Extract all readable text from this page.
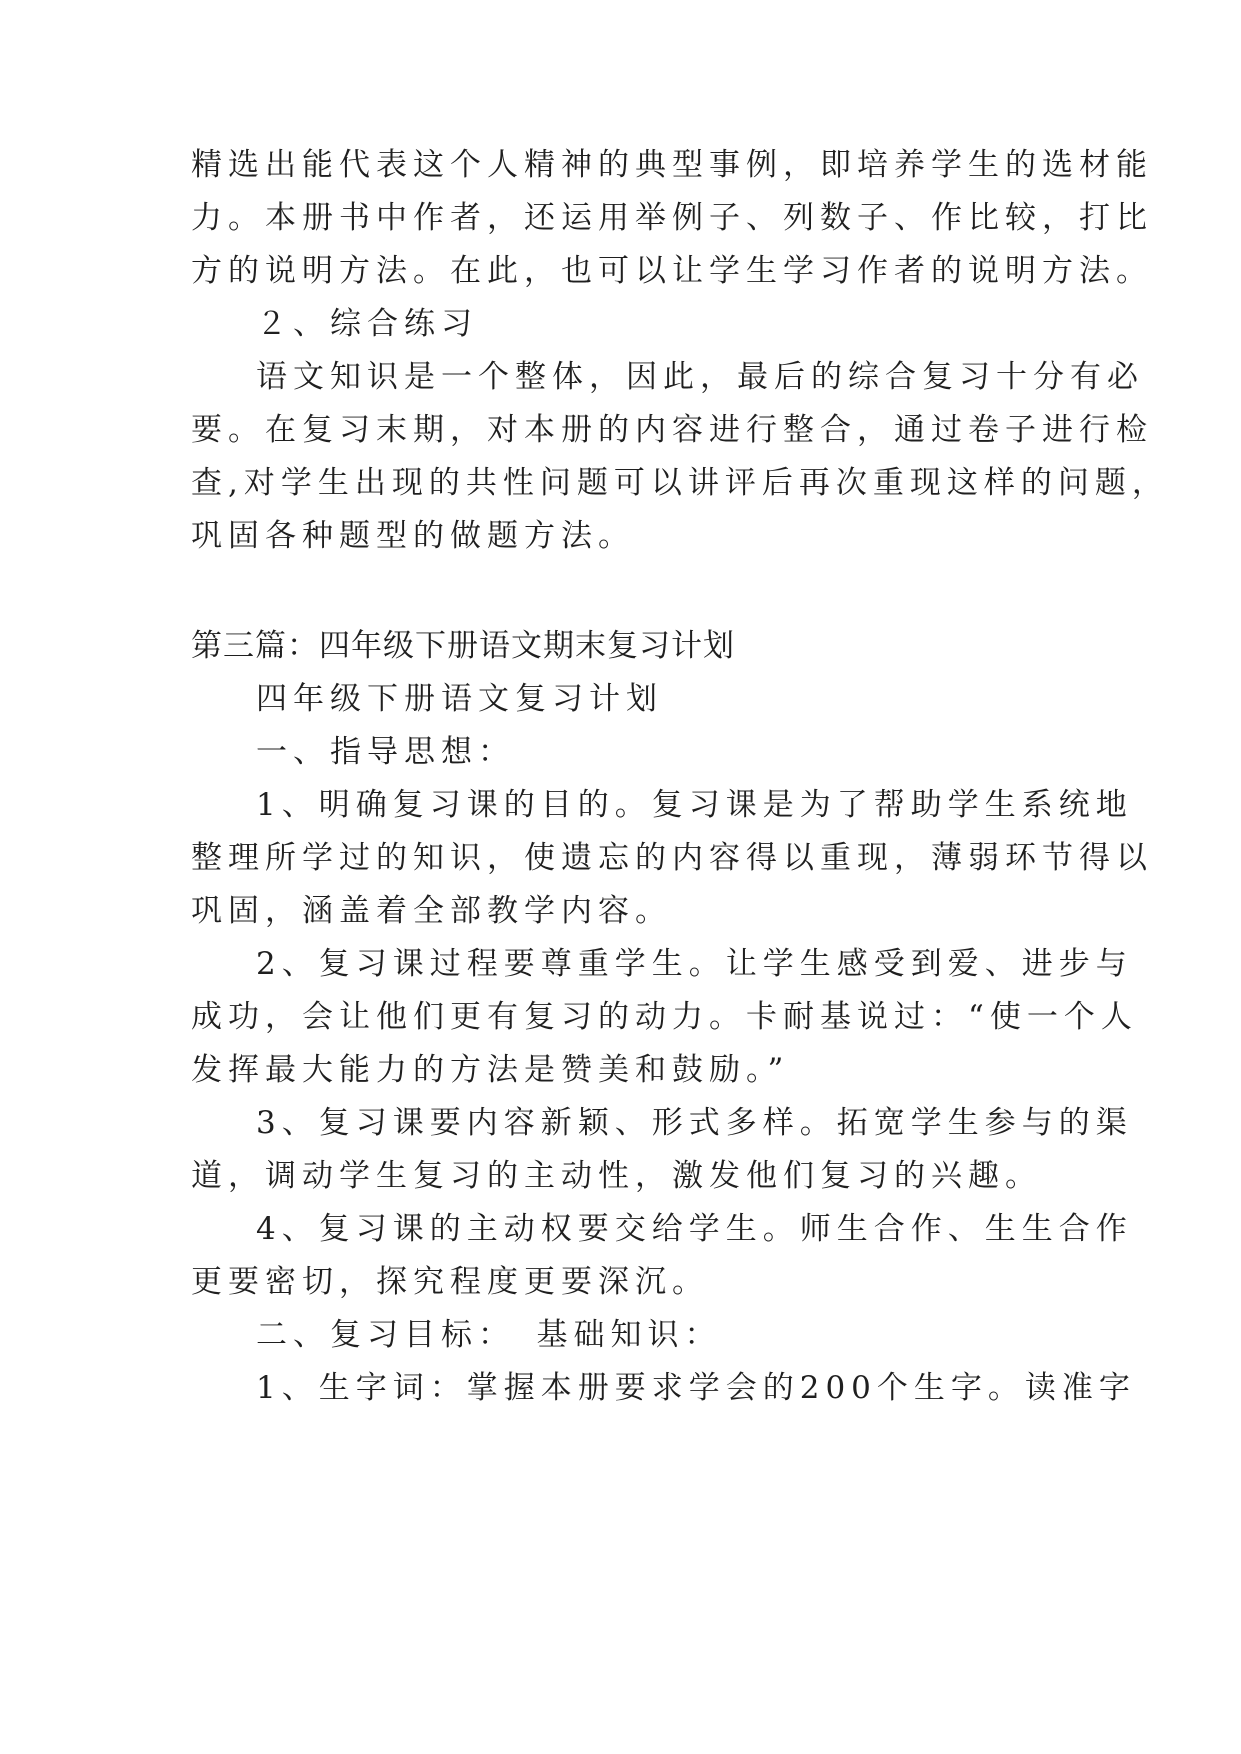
精选出能代表这个人精神的典型事例，即培养学生的选材能
力。本册书中作者，还运用举例子、列数子、作比较，打比
方的说明方法。在此，也可以让学生学习作者的说明方法。
２、综合练习
语文知识是一个整体，因此，最后的综合复习十分有必
要。在复习末期，对本册的内容进行整合，通过卷子进行检
查,对学生出现的共性问题可以讲评后再次重现这样的问题，
巩固各种题型的做题方法。
第三篇：四年级下册语文期末复习计划
四年级下册语文复习计划
一、指导思想：
1、明确复习课的目的。复习课是为了帮助学生系统地
整理所学过的知识，使遗忘的内容得以重现，薄弱环节得以
巩固，涵盖着全部教学内容。
2、复习课过程要尊重学生。让学生感受到爱、进步与
成功，会让他们更有复习的动力。卡耐基说过：“使一个人
发挥最大能力的方法是赞美和鼓励。”
3、复习课要内容新颖、形式多样。拓宽学生参与的渠
道，调动学生复习的主动性，激发他们复习的兴趣。
4、复习课的主动权要交给学生。师生合作、生生合作
更要密切，探究程度更要深沉。
二、复习目标：　基础知识：
1、生字词：掌握本册要求学会的200个生字。读准字
